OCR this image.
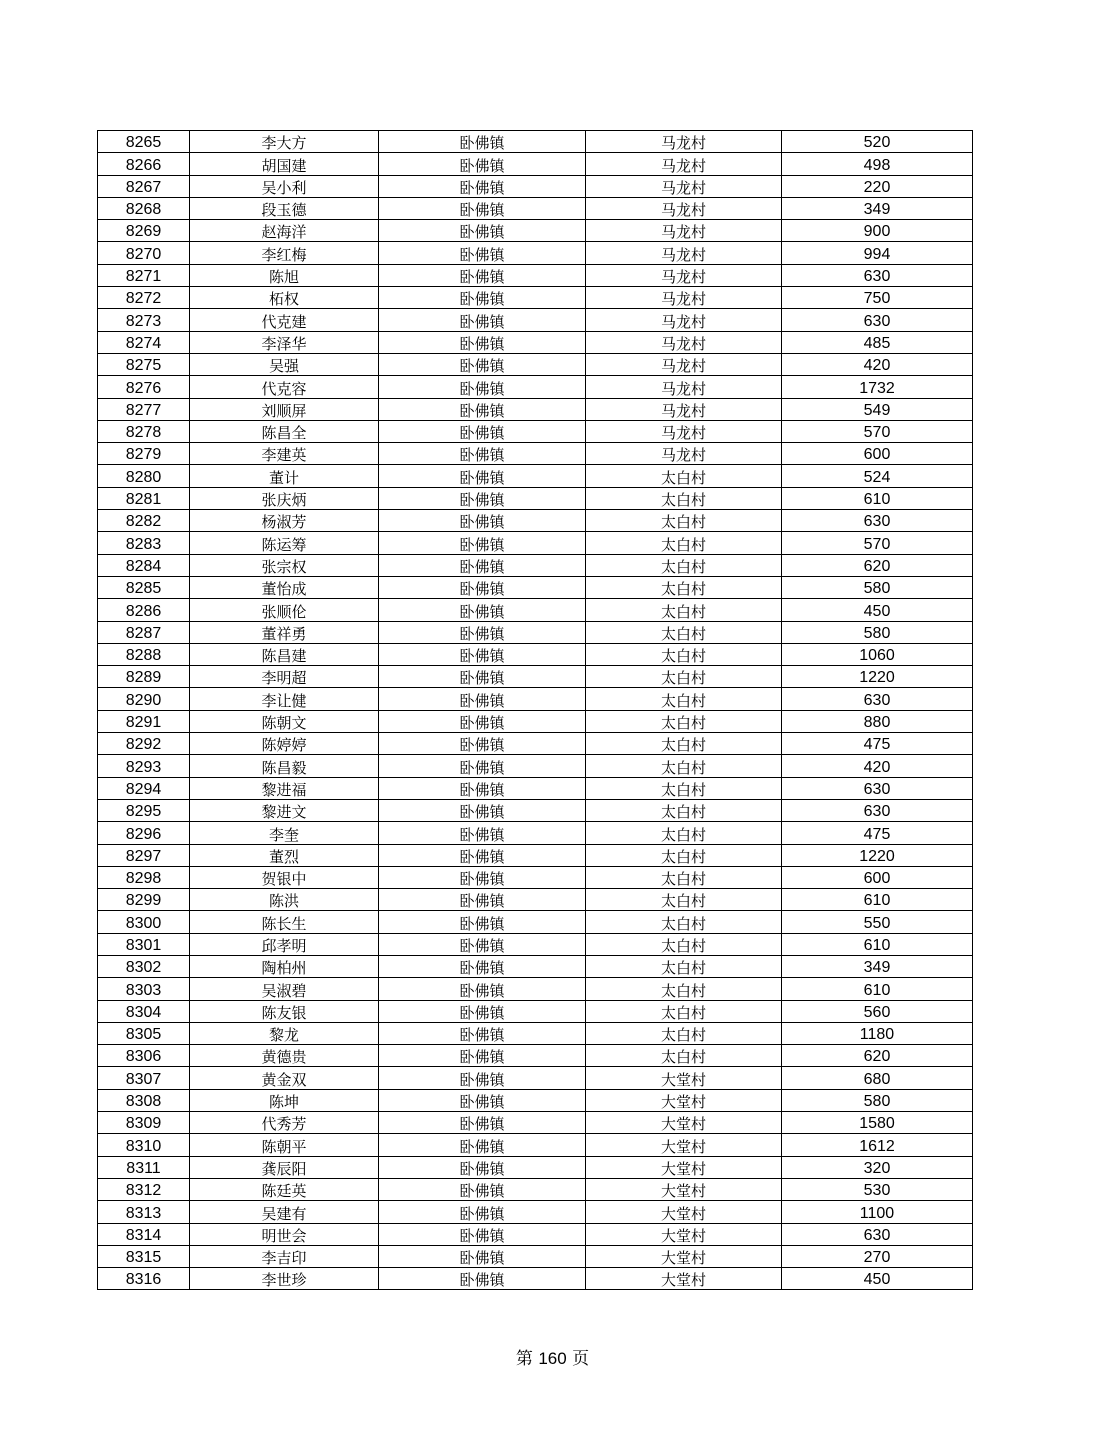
8265	李大方	卧佛镇	马龙村	520
8266	胡国建	卧佛镇	马龙村	498
8267	吴小利	卧佛镇	马龙村	220
8268	段玉德	卧佛镇	马龙村	349
8269	赵海洋	卧佛镇	马龙村	900
8270	李红梅	卧佛镇	马龙村	994
8271	陈旭	卧佛镇	马龙村	630
8272	柘权	卧佛镇	马龙村	750
8273	代克建	卧佛镇	马龙村	630
8274	李泽华	卧佛镇	马龙村	485
8275	吴强	卧佛镇	马龙村	420
8276	代克容	卧佛镇	马龙村	1732
8277	刘顺屏	卧佛镇	马龙村	549
8278	陈昌全	卧佛镇	马龙村	570
8279	李建英	卧佛镇	马龙村	600
8280	董计	卧佛镇	太白村	524
8281	张庆炳	卧佛镇	太白村	610
8282	杨淑芳	卧佛镇	太白村	630
8283	陈运筹	卧佛镇	太白村	570
8284	张宗权	卧佛镇	太白村	620
8285	董怡成	卧佛镇	太白村	580
8286	张顺伦	卧佛镇	太白村	450
8287	董祥勇	卧佛镇	太白村	580
8288	陈昌建	卧佛镇	太白村	1060
8289	李明超	卧佛镇	太白村	1220
8290	李让健	卧佛镇	太白村	630
8291	陈朝文	卧佛镇	太白村	880
8292	陈婷婷	卧佛镇	太白村	475
8293	陈昌毅	卧佛镇	太白村	420
8294	黎进福	卧佛镇	太白村	630
8295	黎进文	卧佛镇	太白村	630
8296	李奎	卧佛镇	太白村	475
8297	董烈	卧佛镇	太白村	1220
8298	贺银中	卧佛镇	太白村	600
8299	陈洪	卧佛镇	太白村	610
8300	陈长生	卧佛镇	太白村	550
8301	邱孝明	卧佛镇	太白村	610
8302	陶柏州	卧佛镇	太白村	349
8303	吴淑碧	卧佛镇	太白村	610
8304	陈友银	卧佛镇	太白村	560
8305	黎龙	卧佛镇	太白村	1180
8306	黄德贵	卧佛镇	太白村	620
8307	黄金双	卧佛镇	大堂村	680
8308	陈坤	卧佛镇	大堂村	580
8309	代秀芳	卧佛镇	大堂村	1580
8310	陈朝平	卧佛镇	大堂村	1612
8311	龚辰阳	卧佛镇	大堂村	320
8312	陈廷英	卧佛镇	大堂村	530
8313	吴建有	卧佛镇	大堂村	1100
8314	明世会	卧佛镇	大堂村	630
8315	李吉印	卧佛镇	大堂村	270
8316	李世珍	卧佛镇	大堂村	450
第 160 页
